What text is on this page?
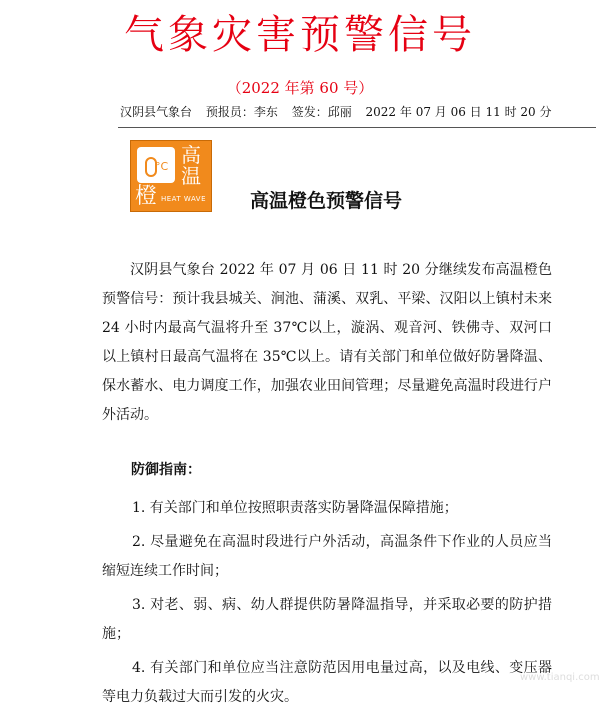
气象灾害预警信号
（2022 年第 60 号）
汉阴县气象台 预报员：李东 签发：邱丽 2022 年 07 月 06 日 11 时 20 分
°C 高
温
橙 HEAT WAVE 高温橙色预警信号
汉阴县气象台 2022 年 07 月 06 日 11 时 20 分继续发布高温橙色预警信号：预计我县城关、涧池、蒲溪、双乳、平梁、汉阳以上镇村未来 24 小时内最高气温将升至 37℃以上，漩涡、观音河、铁佛寺、双河口以上镇村日最高气温将在 35℃以上。请有关部门和单位做好防暑降温、保水蓄水、电力调度工作，加强农业田间管理；尽量避免高温时段进行户外活动。
防御指南：
1. 有关部门和单位按照职责落实防暑降温保障措施；
2. 尽量避免在高温时段进行户外活动，高温条件下作业的人员应当缩短连续工作时间；
3. 对老、弱、病、幼人群提供防暑降温指导，并采取必要的防护措施；
4. 有关部门和单位应当注意防范因用电量过高，以及电线、变压器等电力负载过大而引发的火灾。
www.tianqi.com
